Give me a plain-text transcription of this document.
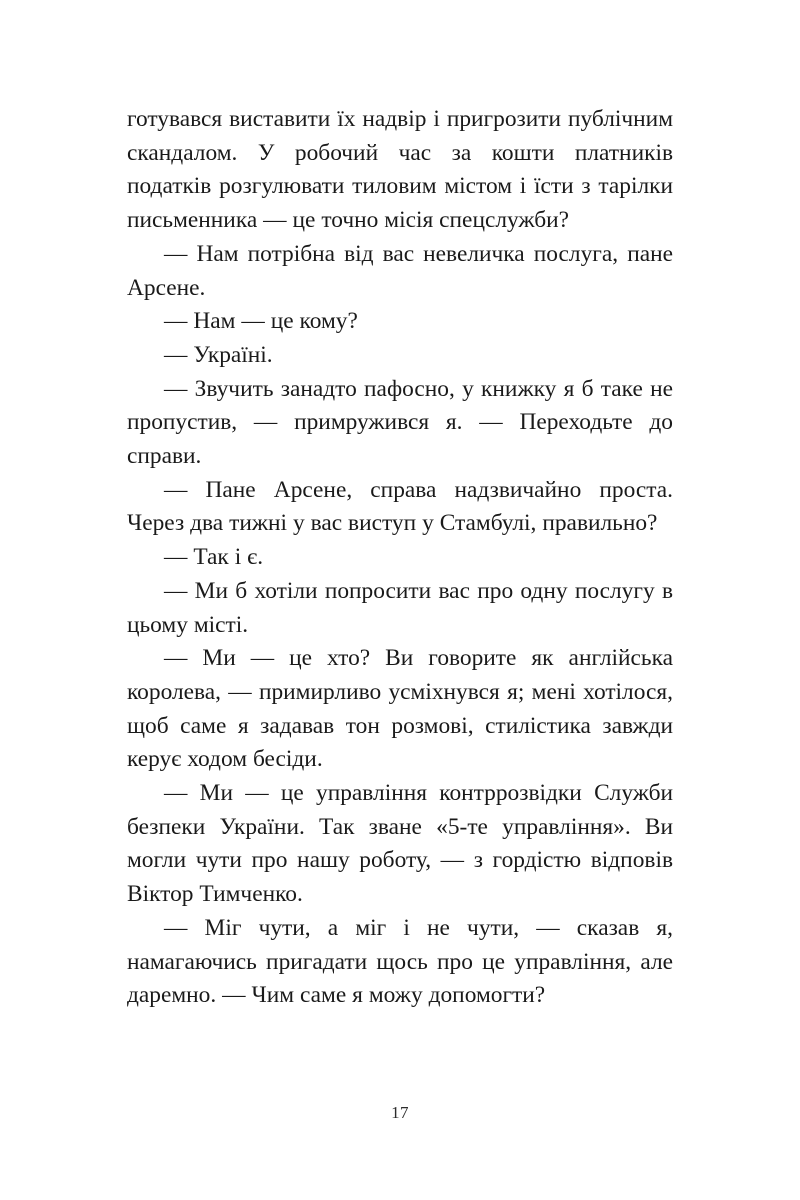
готувався виставити їх надвір і пригрозити публічним скандалом. У робочий час за кошти платників податків розгулювати тиловим містом і їсти з тарілки письменника — це точно місія спецслужби?

— Нам потрібна від вас невеличка послуга, пане Арсене.

— Нам — це кому?

— Україні.

— Звучить занадто пафосно, у книжку я б таке не пропустив, — примружився я. — Переходьте до справи.

— Пане Арсене, справа надзвичайно проста. Через два тижні у вас виступ у Стамбулі, правильно?

— Так і є.

— Ми б хотіли попросити вас про одну послугу в цьому місті.

— Ми — це хто? Ви говорите як англійська королева, — примирливо усміхнувся я; мені хотілося, щоб саме я задавав тон розмові, стилістика завжди керує ходом бесіди.

— Ми — це управління контррозвідки Служби безпеки України. Так зване «5-те управління». Ви могли чути про нашу роботу, — з гордістю відповів Віктор Тимченко.

— Міг чути, а міг і не чути, — сказав я, намагаючись пригадати щось про це управління, але даремно. — Чим саме я можу допомогти?

17
